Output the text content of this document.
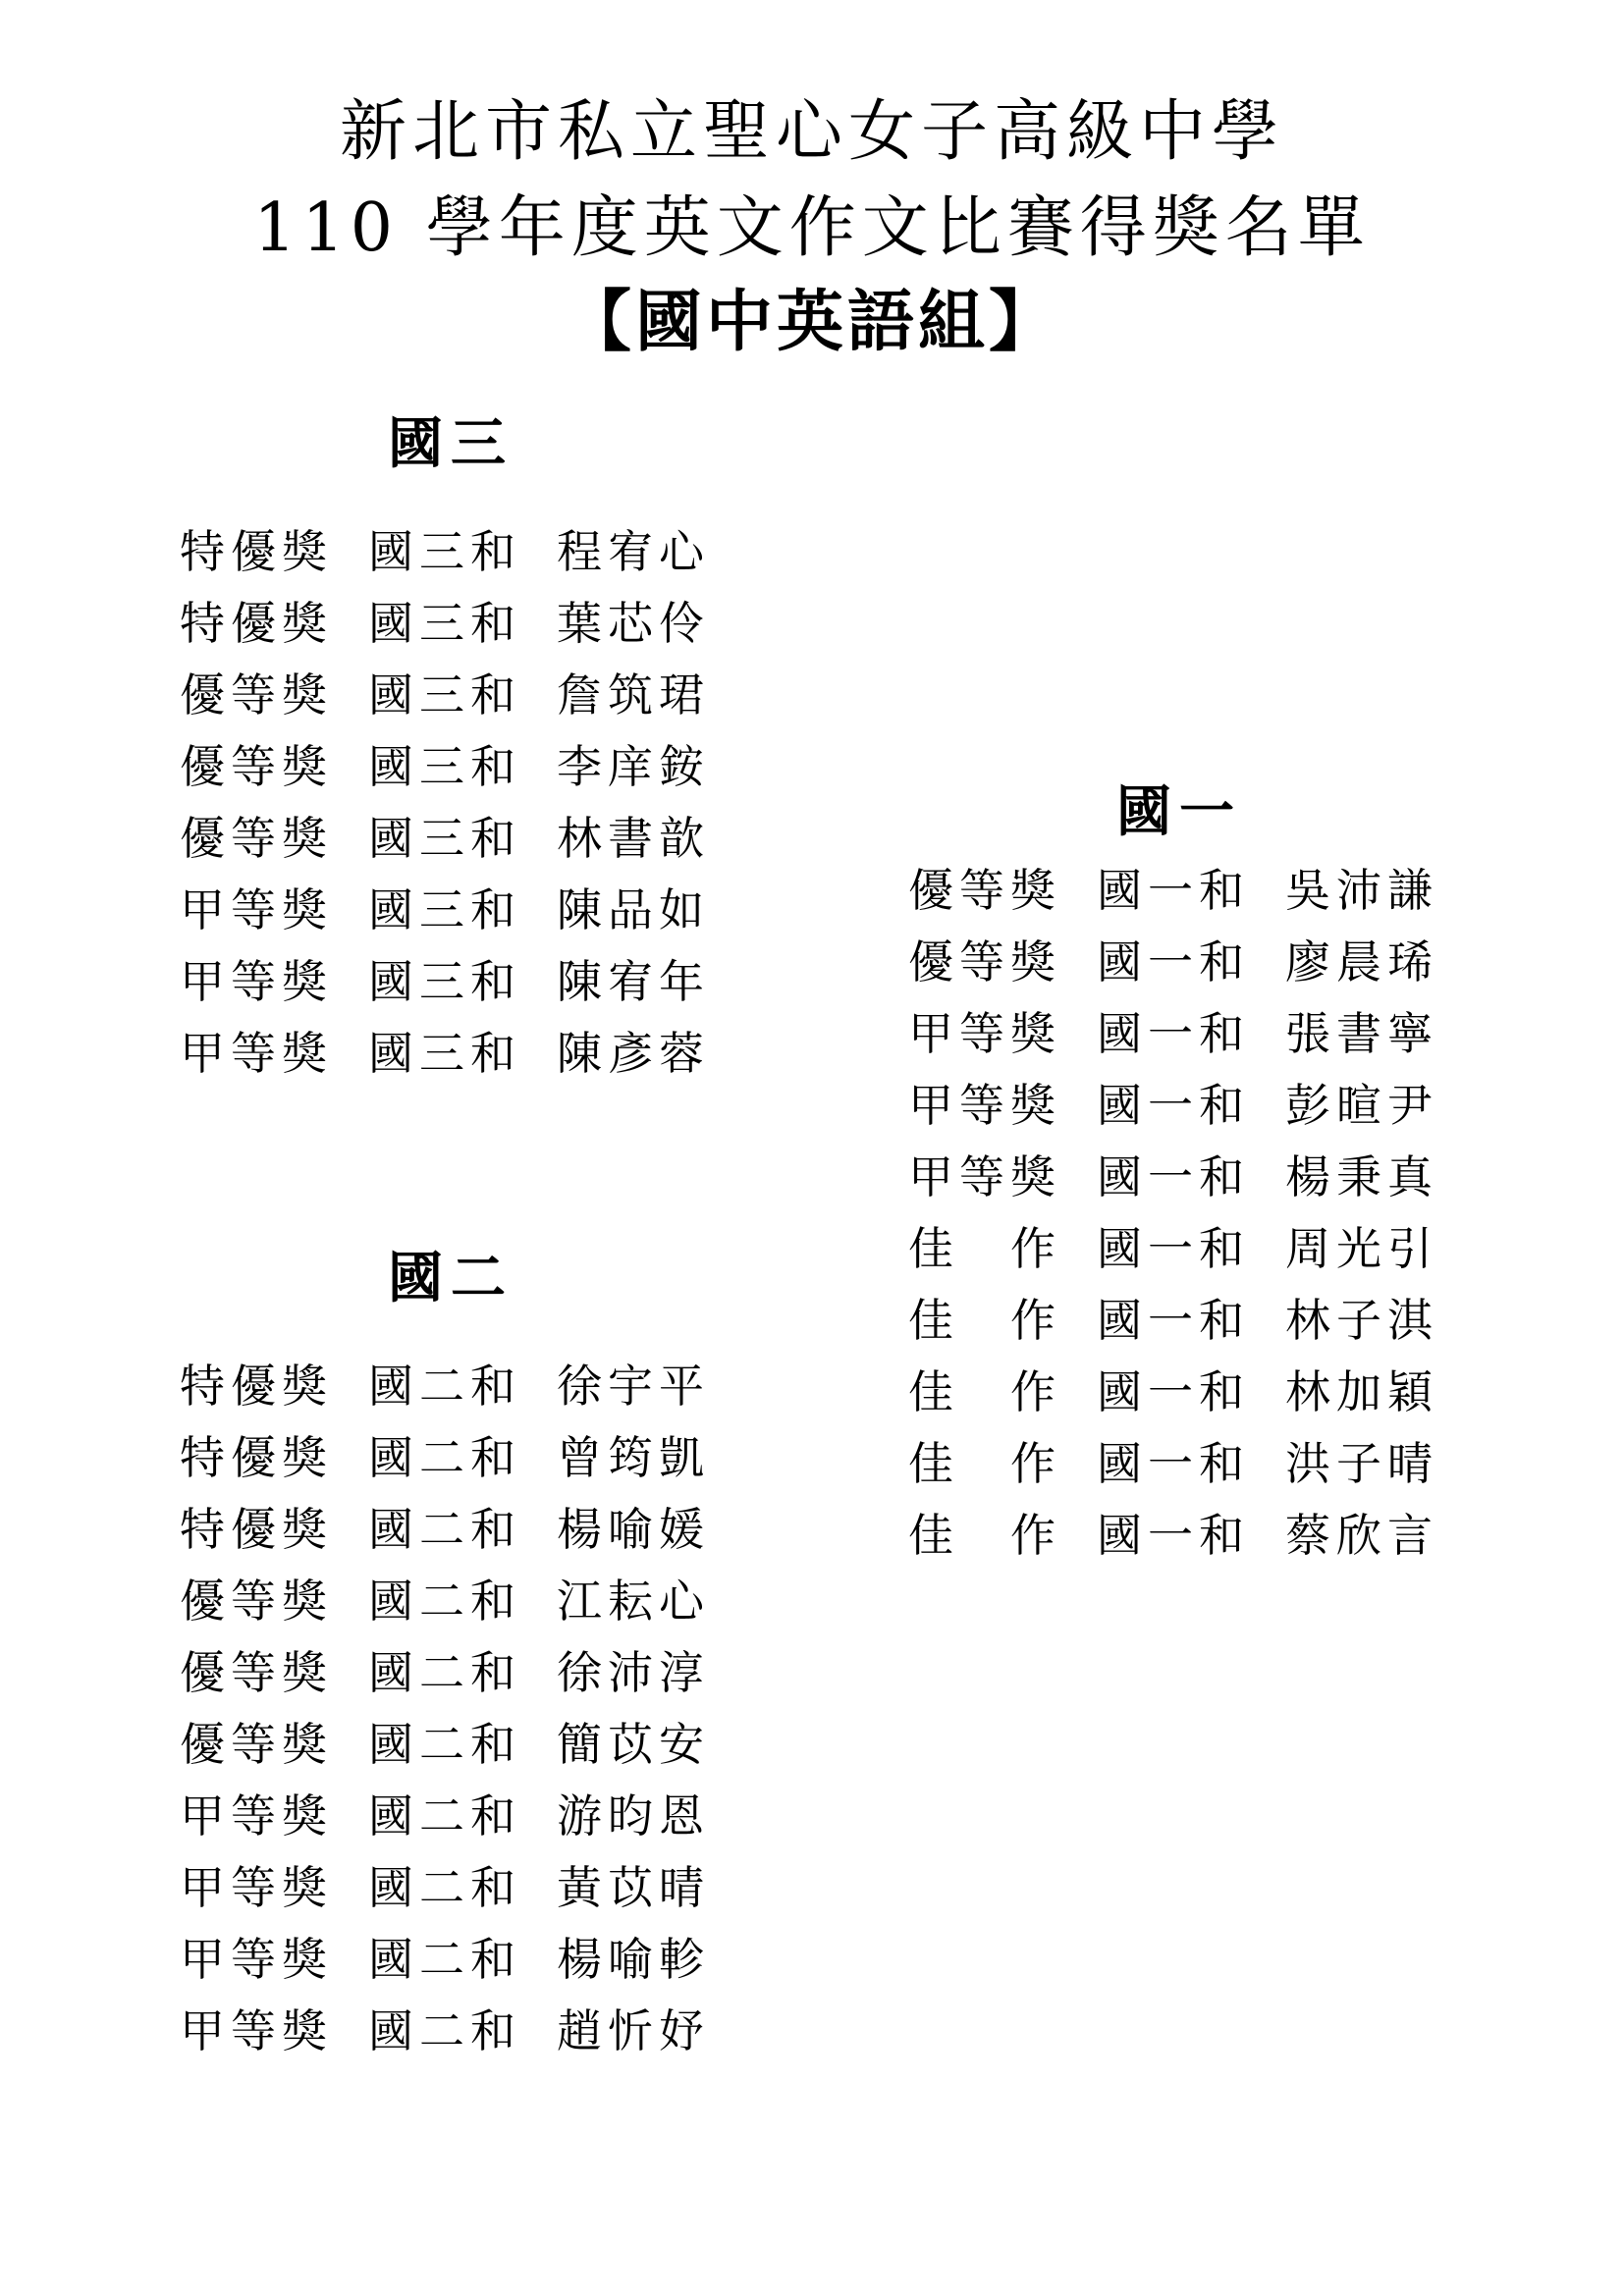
新北市私立聖心女子高級中學
110 學年度英文作文比賽得獎名單
【國中英語組】
國三
特優獎 國三和 程宥心
特優獎 國三和 葉芯伶
優等獎 國三和 詹筑珺
優等獎 國三和 李庠銨
優等獎 國三和 林書歆
甲等獎 國三和 陳品如
甲等獎 國三和 陳宥年
甲等獎 國三和 陳彥蓉
國二
特優獎 國二和 徐宇平
特優獎 國二和 曾筠凱
特優獎 國二和 楊喻媛
優等獎 國二和 江耘心
優等獎 國二和 徐沛淳
優等獎 國二和 簡苡安
甲等獎 國二和 游昀恩
甲等獎 國二和 黃苡晴
甲等獎 國二和 楊喻軫
甲等獎 國二和 趙忻妤
國一
優等獎 國一和 吳沛謙
優等獎 國一和 廖晨琋
甲等獎 國一和 張書寧
甲等獎 國一和 彭暄尹
甲等獎 國一和 楊秉真
佳　作 國一和 周光引
佳　作 國一和 林子淇
佳　作 國一和 林加穎
佳　作 國一和 洪子晴
佳　作 國一和 蔡欣言
